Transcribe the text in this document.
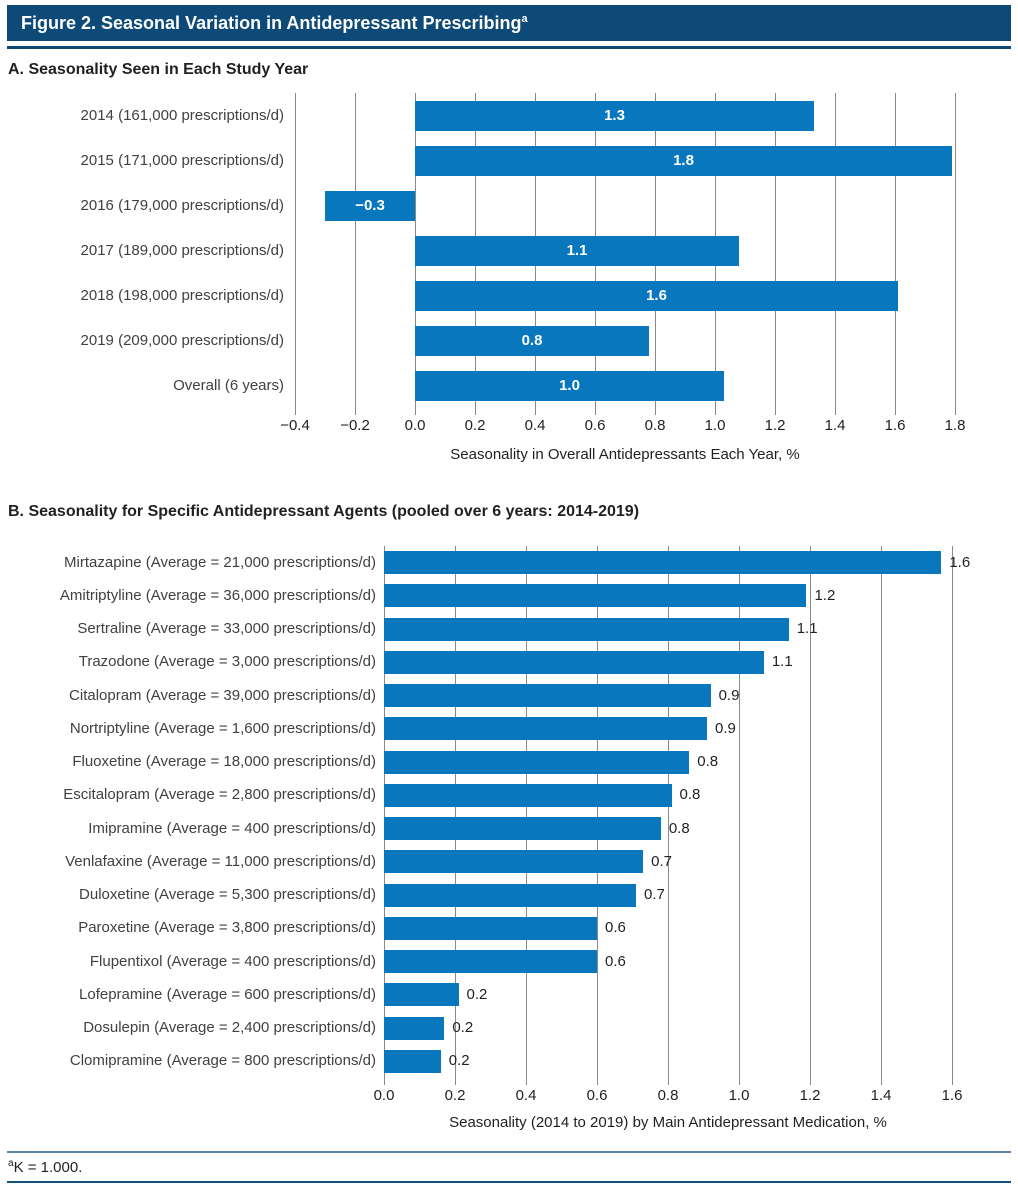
Figure 2. Seasonal Variation in Antidepressant Prescribing$^a$
A. Seasonality Seen in Each Study Year
B. Seasonality for Specific Antidepressant Agents (pooled over 6 years: 2014-2019)
−0.4	−0.2	0.0	0.2	0.4	0.6	0.8	1.0	1.2	1.4	1.6	1.8
2014 (161,000 prescriptions/d)	1.3
2015 (171,000 prescriptions/d)	1.8
2016 (179,000 prescriptions/d)	−0.3
2017 (189,000 prescriptions/d)	1.1
2018 (198,000 prescriptions/d)	1.6
2019 (209,000 prescriptions/d)	0.8
Overall (6 years)	1.0
Seasonality in Overall Antidepressants Each Year, %
0.0	0.2	0.4	0.6	0.8	1.0	1.2	1.4	1.6
Mirtazapine (Average = 21,000 prescriptions/d)	1.6
Amitriptyline (Average = 36,000 prescriptions/d)	1.2
Sertraline (Average = 33,000 prescriptions/d)	1.1
Trazodone (Average = 3,000 prescriptions/d)	1.1
Citalopram (Average = 39,000 prescriptions/d)	0.9
Nortriptyline (Average = 1,600 prescriptions/d)	0.9
Fluoxetine (Average = 18,000 prescriptions/d)	0.8
Escitalopram (Average = 2,800 prescriptions/d)	0.8
Imipramine (Average = 400 prescriptions/d)	0.8
Venlafaxine (Average = 11,000 prescriptions/d)	0.7
Duloxetine (Average = 5,300 prescriptions/d)	0.7
Paroxetine (Average = 3,800 prescriptions/d)	0.6
Flupentixol (Average = 400 prescriptions/d)	0.6
Lofepramine (Average = 600 prescriptions/d)	0.2
Dosulepin (Average = 2,400 prescriptions/d)	0.2
Clomipramine (Average = 800 prescriptions/d)	0.2
Seasonality (2014 to 2019) by Main Antidepressant Medication, %
$^a$K = 1.000.
